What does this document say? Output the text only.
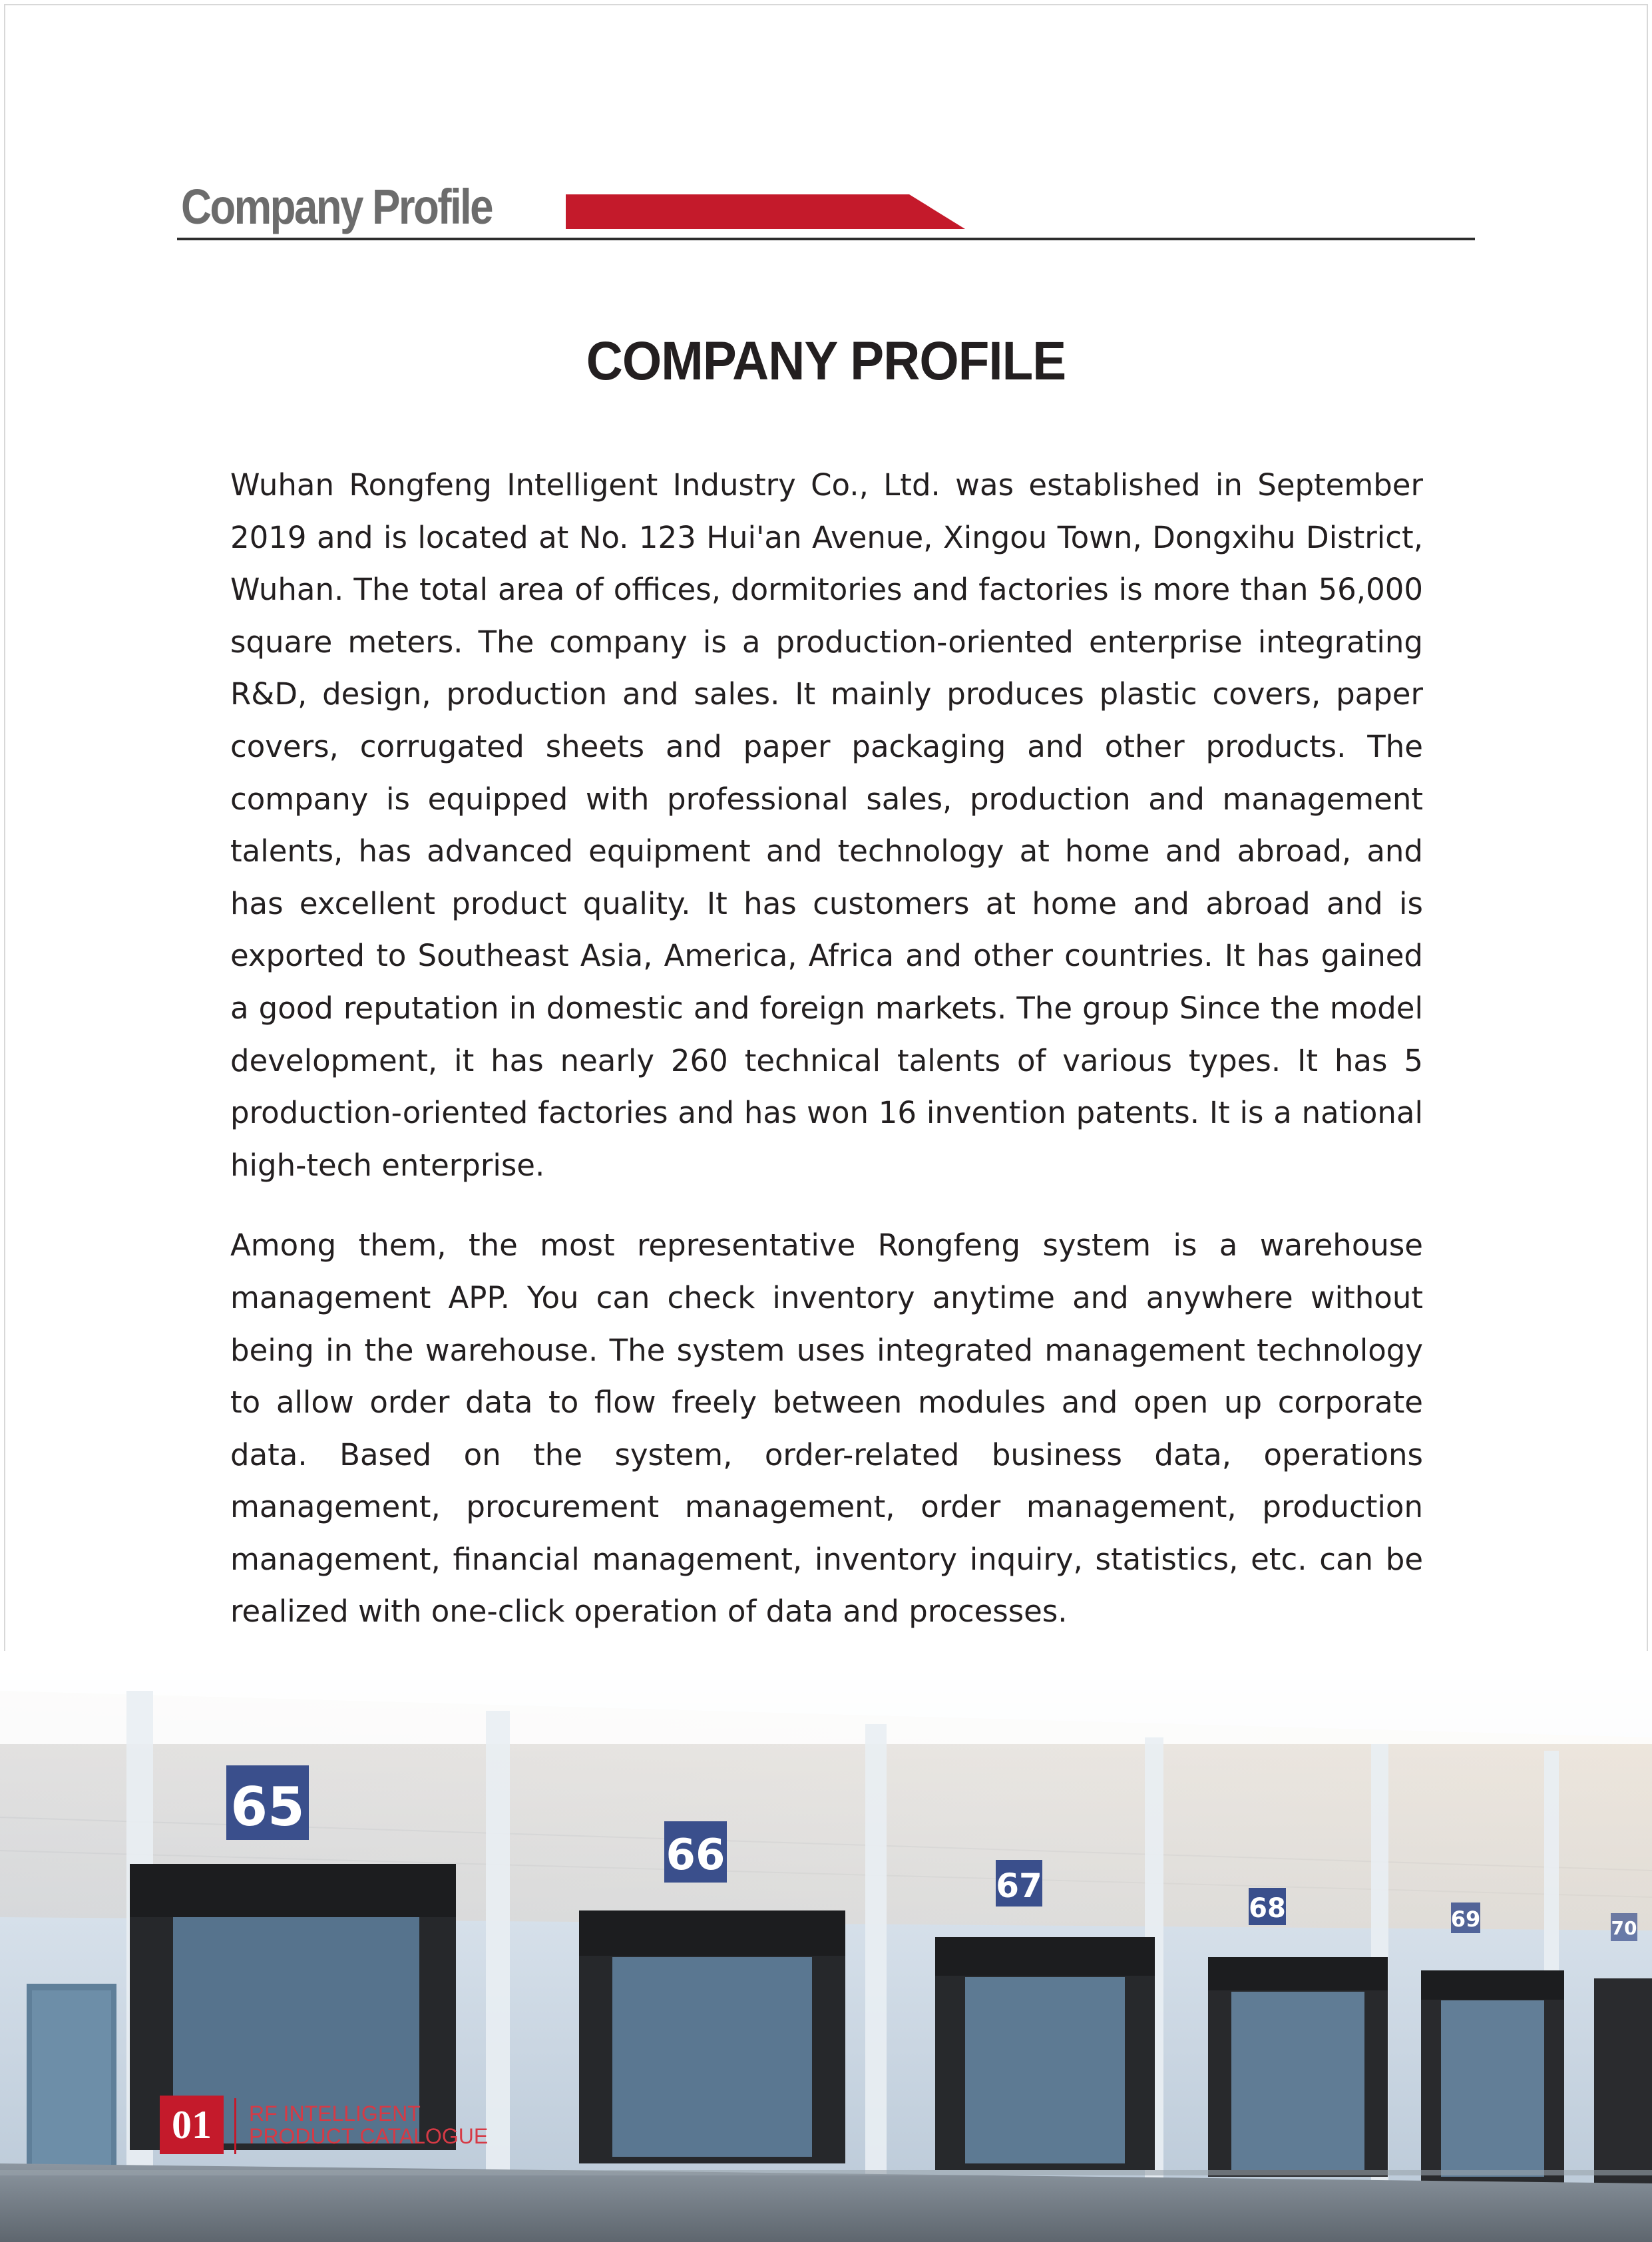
Company Profile
COMPANY PROFILE

Wuhan Rongfeng Intelligent Industry Co., Ltd. was established in September 2019 and is located at No. 123 Hui'an Avenue, Xingou Town, Dongxihu District, Wuhan. The total area of offices, dormitories and factories is more than 56,000 square meters. The company is a production-oriented enterprise integrating R&D, design, production and sales. It mainly produces plastic covers, paper covers, corrugated sheets and paper packaging and other products. The company is equipped with professional sales, production and management talents, has advanced equipment and technology at home and abroad, and has excellent product quality. It has customers at home and abroad and is exported to Southeast Asia, America, Africa and other countries. It has gained a good reputation in domestic and foreign markets. The group Since the model development, it has nearly 260 technical talents of various types. It has 5 production-oriented factories and has won 16 invention patents. It is a national high-tech enterprise.

Among them, the most representative Rongfeng system is a warehouse management APP. You can check inventory anytime and anywhere without being in the warehouse. The system uses integrated management technology to allow order data to flow freely between modules and open up corporate data. Based on the system, order-related business data, operations management, procurement management, order management, production management, financial management, inventory inquiry, statistics, etc. can be realized with one-click operation of data and processes.

65
66
67
68	69	70
01	RF INTELLIGENT
PRODUCT CATALOGUE
